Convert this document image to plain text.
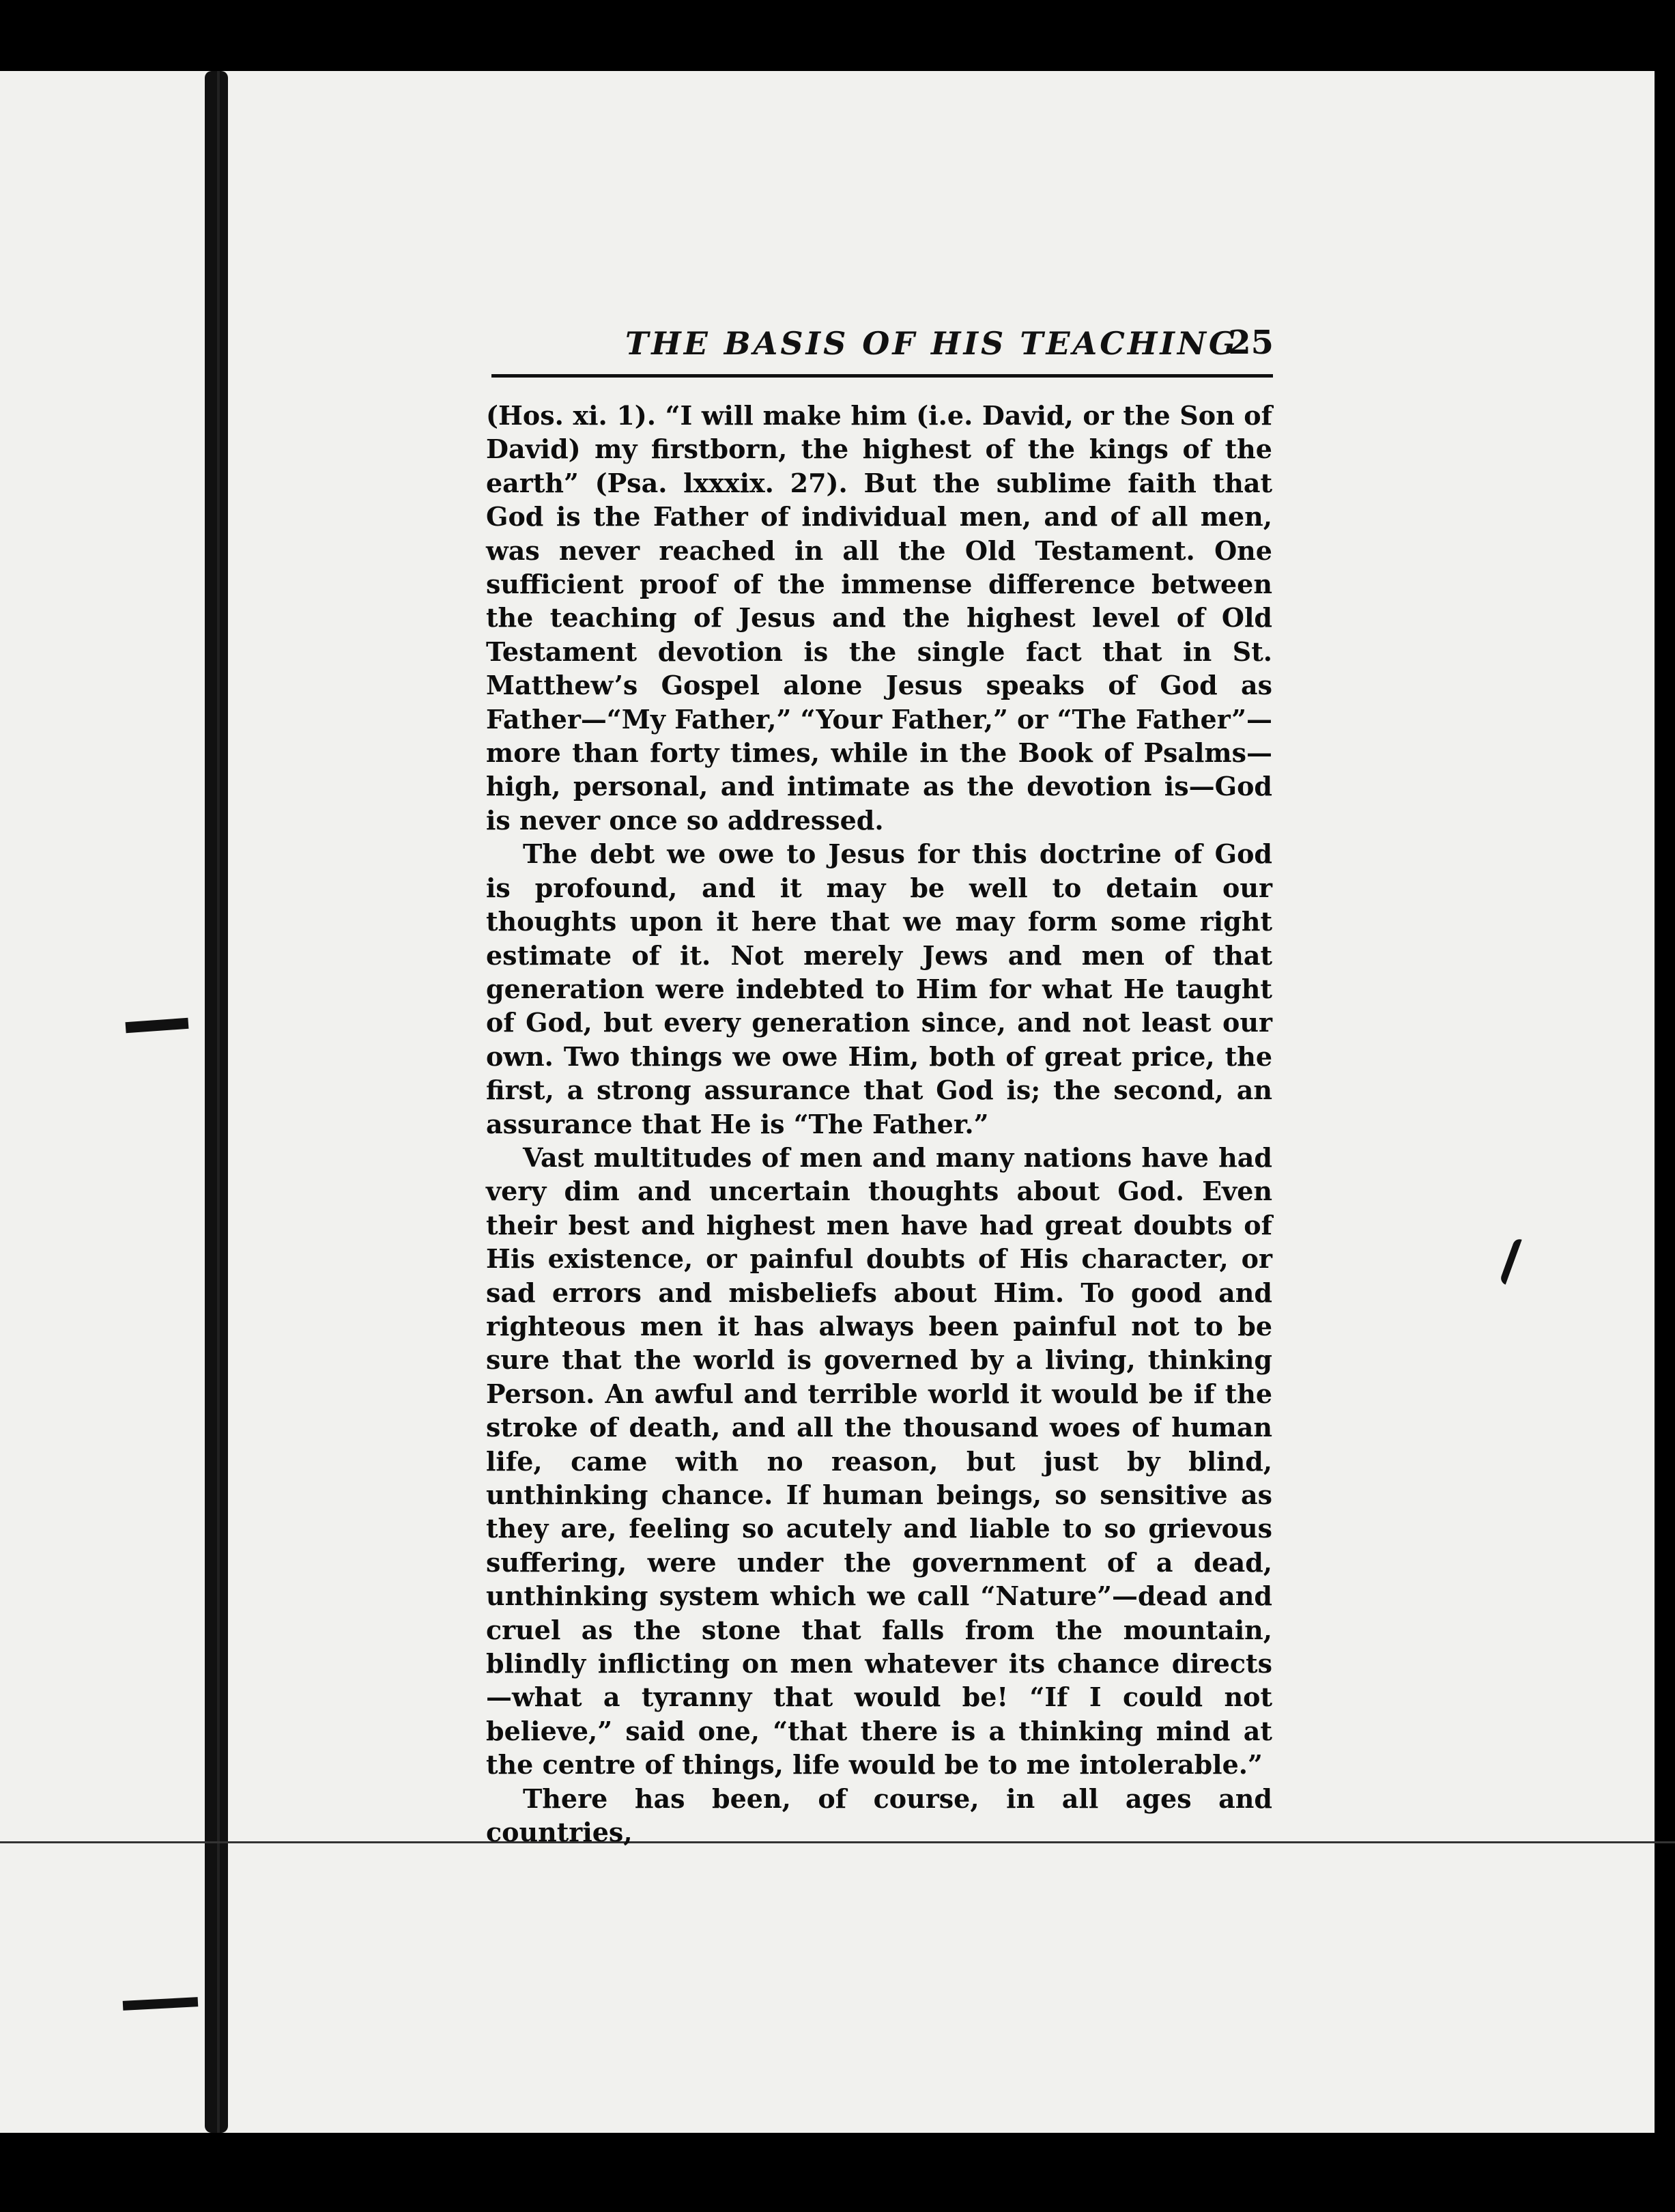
THE BASIS OF HIS TEACHING
25

(Hos. xi. 1). “I will make him (i.e. David, or the Son of David) my firstborn, the highest of the kings of the earth” (Psa. lxxxix. 27). But the sublime faith that God is the Father of individual men, and of all men, was never reached in all the Old Testament. One sufficient proof of the immense difference between the teaching of Jesus and the highest level of Old Testament devotion is the single fact that in St. Matthew’s Gospel alone Jesus speaks of God as Father—“My Father,” “Your Father,” or “The Father”—more than forty times, while in the Book of Psalms—high, personal, and intimate as the devotion is—God is never once so addressed.

The debt we owe to Jesus for this doctrine of God is profound, and it may be well to detain our thoughts upon it here that we may form some right estimate of it. Not merely Jews and men of that generation were indebted to Him for what He taught of God, but every generation since, and not least our own. Two things we owe Him, both of great price, the first, a strong assurance that God is; the second, an assurance that He is “The Father.”

Vast multitudes of men and many nations have had very dim and uncertain thoughts about God. Even their best and highest men have had great doubts of His existence, or painful doubts of His character, or sad errors and misbeliefs about Him. To good and righteous men it has always been painful not to be sure that the world is governed by a living, thinking Person. An awful and terrible world it would be if the stroke of death, and all the thousand woes of human life, came with no reason, but just by blind, unthinking chance. If human beings, so sensitive as they are, feeling so acutely and liable to so grievous suffering, were under the government of a dead, unthinking system which we call “Nature”—dead and cruel as the stone that falls from the mountain, blindly inflicting on men whatever its chance directs—what a tyranny that would be! “If I could not believe,” said one, “that there is a thinking mind at the centre of things, life would be to me intolerable.”

There has been, of course, in all ages and countries,
